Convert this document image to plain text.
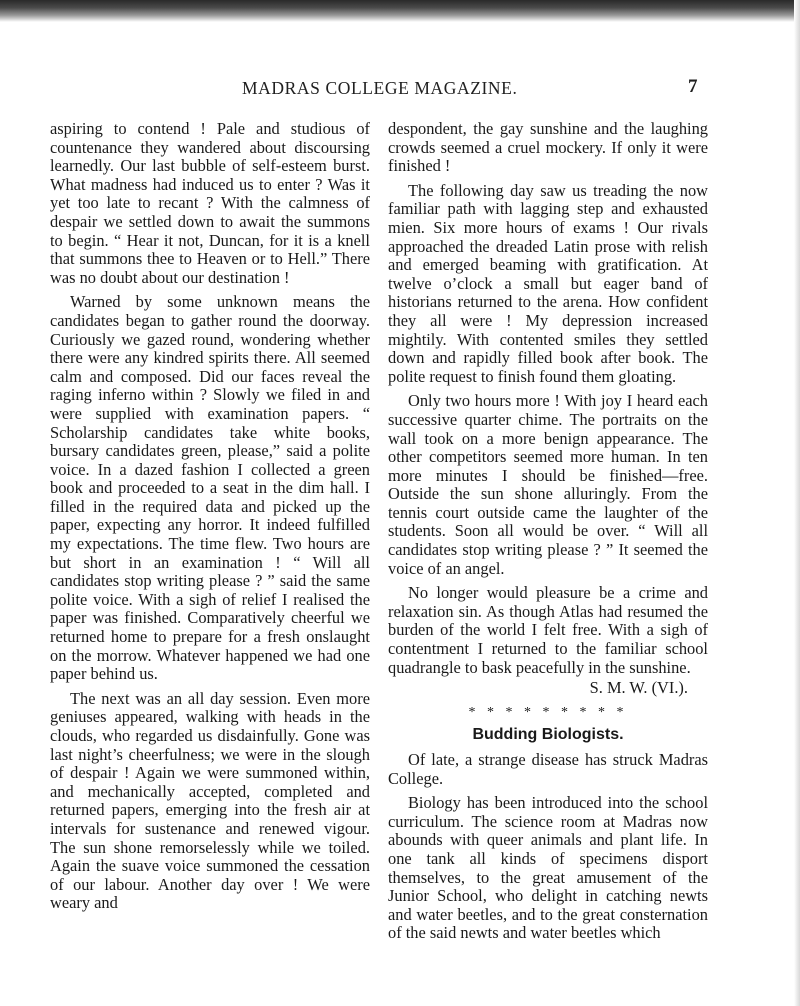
MADRAS COLLEGE MAGAZINE.	7

aspiring to contend ! Pale and studious of countenance they wandered about discoursing learnedly. Our last bubble of self-esteem burst. What madness had induced us to enter ? Was it yet too late to recant ? With the calmness of despair we settled down to await the summons to begin. “ Hear it not, Duncan, for it is a knell that summons thee to Heaven or to Hell.” There was no doubt about our destination !

Warned by some unknown means the candidates began to gather round the doorway. Curiously we gazed round, wondering whether there were any kindred spirits there. All seemed calm and composed. Did our faces reveal the raging inferno within ? Slowly we filed in and were supplied with examination papers. “ Scholarship candidates take white books, bursary candidates green, please,” said a polite voice. In a dazed fashion I collected a green book and proceeded to a seat in the dim hall. I filled in the required data and picked up the paper, expecting any horror. It indeed fulfilled my expectations. The time flew. Two hours are but short in an examination ! “ Will all candidates stop writing please ? ” said the same polite voice. With a sigh of relief I realised the paper was finished. Comparatively cheerful we returned home to prepare for a fresh onslaught on the morrow. Whatever happened we had one paper behind us.

The next was an all day session. Even more geniuses appeared, walking with heads in the clouds, who regarded us disdainfully. Gone was last night’s cheerfulness; we were in the slough of despair ! Again we were summoned within, and mechanically accepted, completed and returned papers, emerging into the fresh air at intervals for sustenance and renewed vigour. The sun shone remorselessly while we toiled. Again the suave voice summoned the cessation of our labour. Another day over ! We were weary and

despondent, the gay sunshine and the laughing crowds seemed a cruel mockery. If only it were finished !

The following day saw us treading the now familiar path with lagging step and exhausted mien. Six more hours of exams ! Our rivals approached the dreaded Latin prose with relish and emerged beaming with gratification. At twelve o’clock a small but eager band of historians returned to the arena. How confident they all were ! My depression increased mightily. With contented smiles they settled down and rapidly filled book after book. The polite request to finish found them gloating.

Only two hours more ! With joy I heard each successive quarter chime. The portraits on the wall took on a more benign appearance. The other competitors seemed more human. In ten more minutes I should be finished—free. Outside the sun shone alluringly. From the tennis court outside came the laughter of the students. Soon all would be over. “ Will all candidates stop writing please ? ” It seemed the voice of an angel.

No longer would pleasure be a crime and relaxation sin. As though Atlas had resumed the burden of the world I felt free. With a sigh of contentment I returned to the familiar school quadrangle to bask peacefully in the sunshine.

S. M. W. (VI.).
* * * * * * * * *
Budding Biologists.

Of late, a strange disease has struck Madras College.

Biology has been introduced into the school curriculum. The science room at Madras now abounds with queer animals and plant life. In one tank all kinds of specimens disport themselves, to the great amusement of the Junior School, who delight in catching newts and water beetles, and to the great consternation of the said newts and water beetles which
